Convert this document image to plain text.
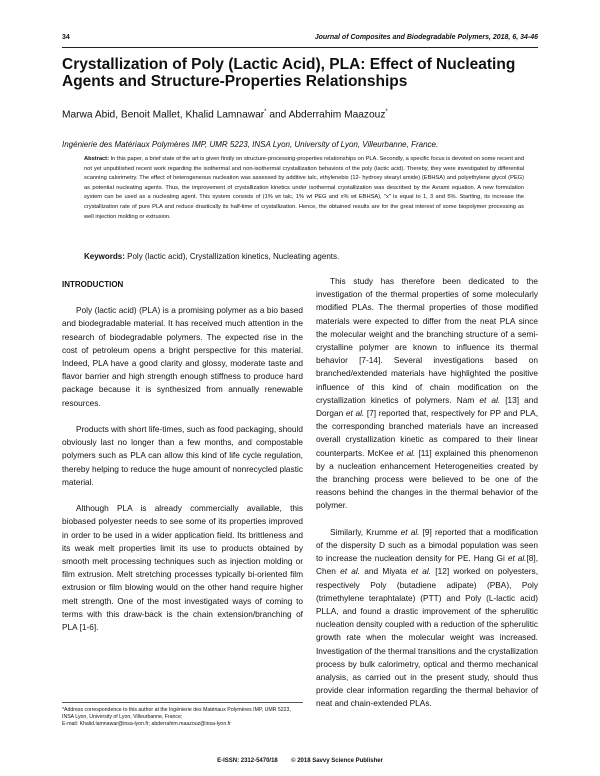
34	Journal of Composites and Biodegradable Polymers, 2018, 6, 34-46
Crystallization of Poly (Lactic Acid), PLA: Effect of Nucleating Agents and Structure-Properties Relationships
Marwa Abid, Benoit Mallet, Khalid Lamnawar* and Abderrahim Maazouz*
Ingénierie des Matériaux Polymères IMP, UMR 5223, INSA Lyon, University of Lyon, Villeurbanne, France.
Abstract: In this paper, a brief state of the art is given firstly on structure-processing-properties relationships on PLA. Secondly, a specific focus is devoted on some recent and not yet unpublished recent work regarding the isothermal and non-isothermal crystallization behaviors of the poly (lactic acid). Thereby, they were investigated by differential scanning calorimetry. The effect of heterogeneous nucleation was assessed by additive talc, ethylenebis (12- hydroxy stearyl amide) (EBHSA) and polyethylene glycol (PEG) as potential nucleating agents. Thus, the improvement of crystallization kinetics under isothermal crystallization was described by the Avrami equation. A new formulation system can be used as a nucleating agent. This system consists of (1% wt talc, 1% wt PEG and x% wt EBHSA), "x" is equal to 1, 3 and 5%. Startling, its increase the crystallization rate of pure PLA and reduce drastically its half-time of crystallization. Hence, the obtained results are for the great interest of some biopolymer processing as well injection molding or extrusion.
Keywords: Poly (lactic acid), Crystallization kinetics, Nucleating agents.
INTRODUCTION

Poly (lactic acid) (PLA) is a promising polymer as a bio based and biodegradable material. It has received much attention in the research of biodegradable polymers. The expected rise in the cost of petroleum opens a bright perspective for this material. Indeed, PLA have a good clarity and glossy, moderate taste and flavor barrier and high strength enough stiffness to produce hard package because it is synthesized from annually renewable resources.

Products with short life-times, such as food packaging, should obviously last no longer than a few months, and compostable polymers such as PLA can allow this kind of life cycle regulation, thereby helping to reduce the huge amount of nonrecycled plastic material.

Although PLA is already commercially available, this biobased polyester needs to see some of its properties improved in order to be used in a wider application field. Its brittleness and its weak melt properties limit its use to products obtained by smooth melt processing techniques such as injection molding or film extrusion. Melt stretching processes typically bi-oriented film extrusion or film blowing would on the other hand require higher melt strength. One of the most investigated ways of coming to terms with this draw-back is the chain extension/branching of PLA [1-6].

This study has therefore been dedicated to the investigation of the thermal properties of some molecularly modified PLAs. The thermal properties of those modified materials were expected to differ from the neat PLA since the molecular weight and the branching structure of a semi- crystalline polymer are known to influence its thermal behavior [7-14]. Several investigations based on branched/extended materials have highlighted the positive influence of this kind of chain modification on the crystallization kinetics of polymers. Nam et al. [13] and Dorgan et al. [7] reported that, respectively for PP and PLA, the corresponding branched materials have an increased overall crystallization kinetic as compared to their linear counterparts. McKee et al. [11] explained this phenomenon by a nucleation enhancement Heterogeneities created by the branching process were believed to be one of the reasons behind the changes in the thermal behavior of the polymer.

Similarly, Krumme et al. [9] reported that a modification of the dispersity D such as a bimodal population was seen to increase the nucleation density for PE. Hang Gi et al.[8], Chen et al. and Miyata et al. [12] worked on polyesters, respectively Poly (butadiene adipate) (PBA), Poly (trimethylene teraphtalate) (PTT) and Poly (L-lactic acid) PLLA, and found a drastic improvement of the spherulitic nucleation density coupled with a reduction of the spherulitic growth rate when the molecular weight was increased. Investigation of the thermal transitions and the crystallization process by bulk calorimetry, optical and thermo mechanical analysis, as carried out in the present study, should thus provide clear information regarding the thermal behavior of neat and chain-extended PLAs.

*Address correspondence to this author at the Ingénierie des Matériaux Polymères IMP, UMR 5223, INSA Lyon, University of Lyon, Villeurbanne, France;
E-mail: Khalid.lamnawar@insa-lyon.fr; abderrahim.maazouz@insa-lyon.fr
E-ISSN: 2312-5470/18 © 2018 Savvy Science Publisher
